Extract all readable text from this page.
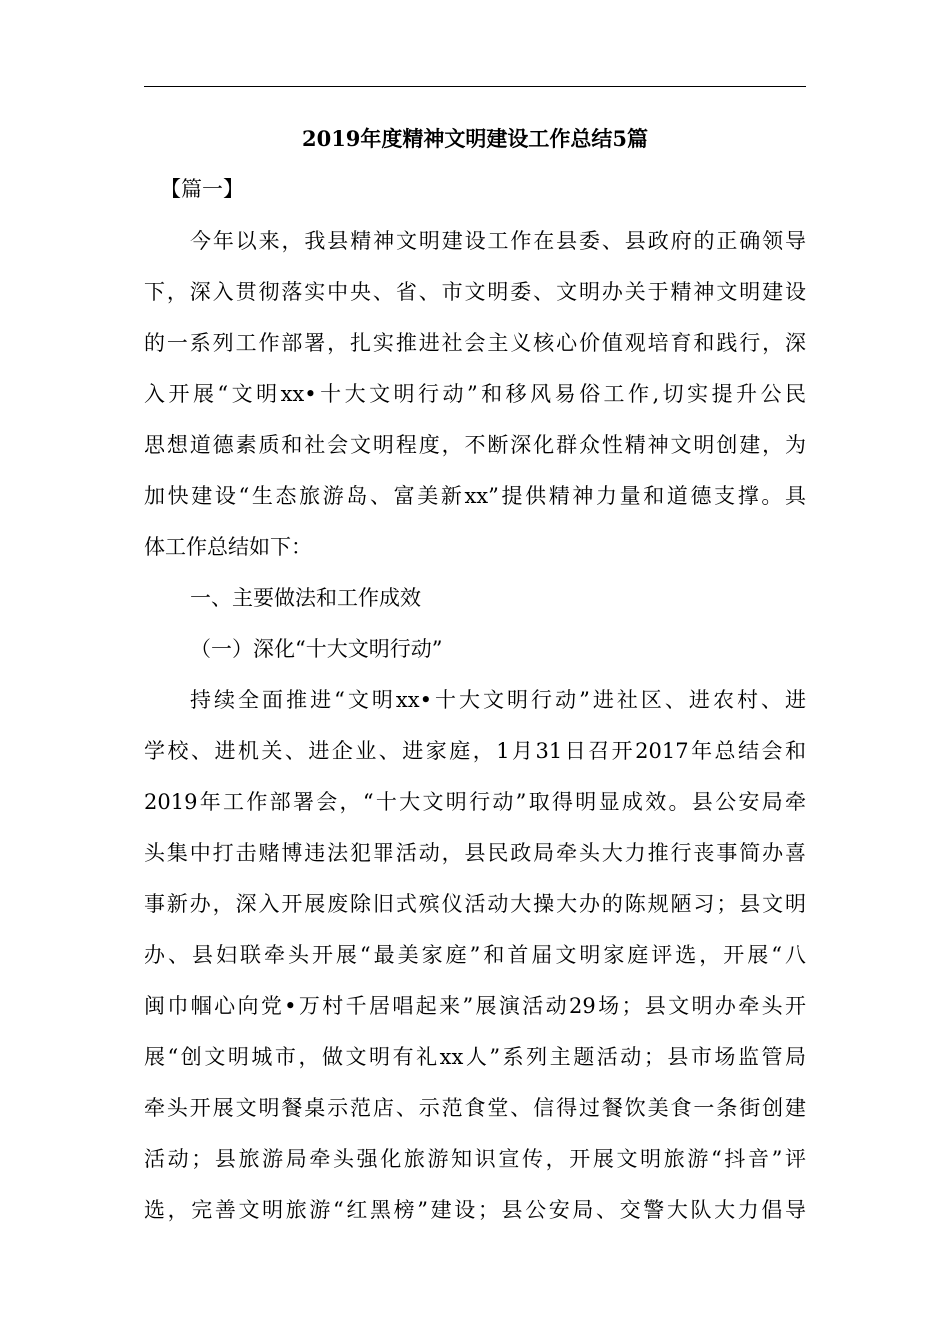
2019年度精神文明建设工作总结5篇
【篇一】
今年以来，我县精神文明建设工作在县委、县政府的正确领导
下，深入贯彻落实中央、省、市文明委、文明办关于精神文明建设
的一系列工作部署，扎实推进社会主义核心价值观培育和践行，深
入开展“文明xx•十大文明行动”和移风易俗工作,切实提升公民
思想道德素质和社会文明程度，不断深化群众性精神文明创建，为
加快建设“生态旅游岛、富美新xx”提供精神力量和道德支撑。具
体工作总结如下：
一、主要做法和工作成效
（一）深化“十大文明行动”
持续全面推进“文明xx•十大文明行动”进社区、进农村、进
学校、进机关、进企业、进家庭，1月31日召开2017年总结会和
2019年工作部署会，“十大文明行动”取得明显成效。县公安局牵
头集中打击赌博违法犯罪活动，县民政局牵头大力推行丧事简办喜
事新办，深入开展废除旧式殡仪活动大操大办的陈规陋习；县文明
办、县妇联牵头开展“最美家庭”和首届文明家庭评选，开展“八
闽巾帼心向党•万村千居唱起来”展演活动29场；县文明办牵头开
展“创文明城市，做文明有礼xx人”系列主题活动；县市场监管局
牵头开展文明餐桌示范店、示范食堂、信得过餐饮美食一条街创建
活动；县旅游局牵头强化旅游知识宣传，开展文明旅游“抖音”评
选，完善文明旅游“红黑榜”建设；县公安局、交警大队大力倡导
